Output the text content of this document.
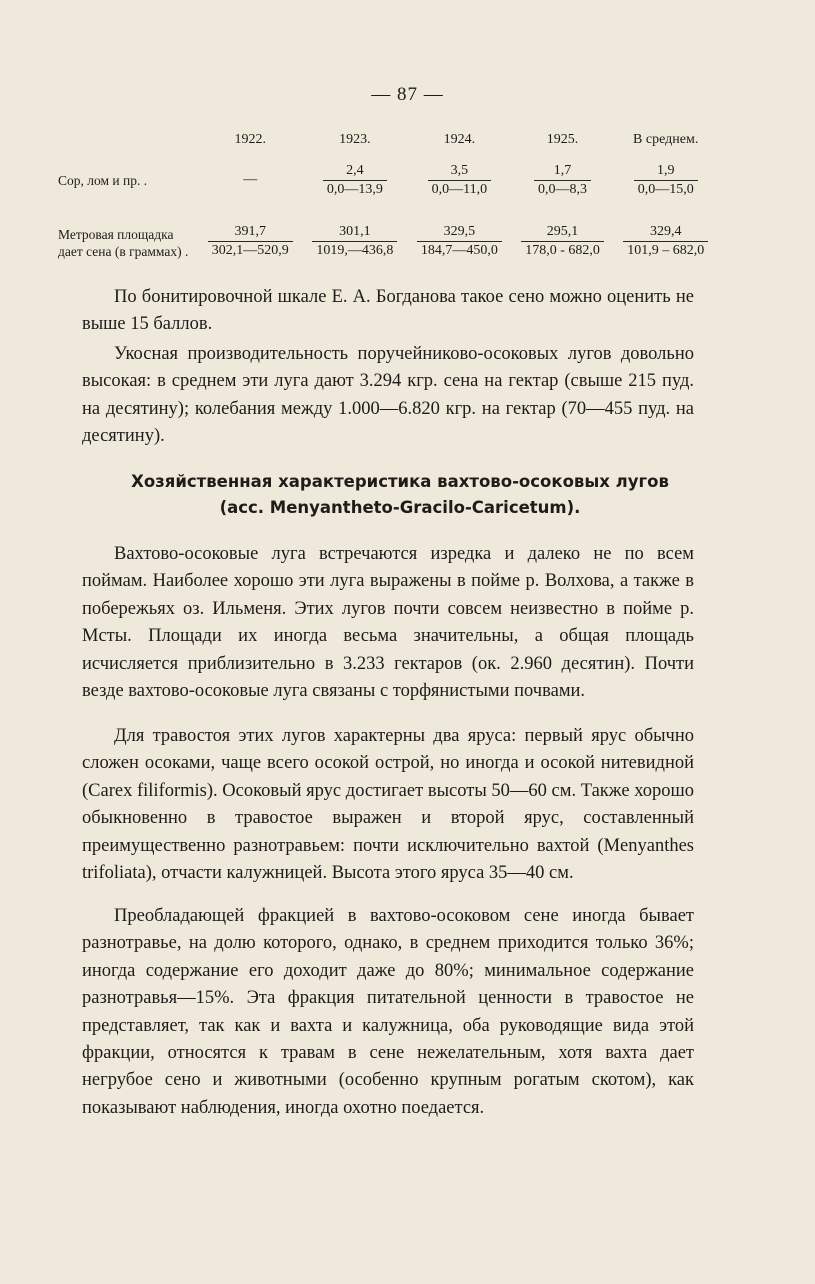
— 87 —
	1922.	1923.	1924.	1925.	В среднем.
Сор, лом и пр. .	—	$\frac{2,4}{0,0—13,9}$	$\frac{3,5}{0,0—11,0}$	$\frac{1,7}{0,0—8,3}$	$\frac{1,9}{0,0—15,0}$

Метровая площадка дает сена (в граммах) .	$\frac{391,7}{302,1—520,9}$	$\frac{301,1}{1019,—436,8}$	$\frac{329,5}{184,7—450,0}$	$\frac{295,1}{178,0 - 682,0}$	$\frac{329,4}{101,9 - 682,0}$

По бонитировочной шкале Е. А. Богданова такое сено можно оценить не выше 15 баллов.

Укосная производительность поручейниково-осоковых лугов довольно высокая: в среднем эти луга дают 3.294 кгр. сена на гектар (свыше 215 пуд. на десятину); колебания между 1.000—6.820 кгр. на гектар (70—455 пуд. на десятину).

Хозяйственная характеристика вахтово-осоковых лугов
(асс. Menyantheto-Gracilo-Caricetum).

Вахтово-осоковые луга встречаются изредка и далеко не по всем поймам. Наиболее хорошо эти луга выражены в пойме р. Волхова, а также в побережьях оз. Ильменя. Этих лугов почти совсем неизвестно в пойме р. Мсты. Площади их иногда весьма значительны, а общая площадь исчисляется приблизительно в 3.233 гектаров (ок. 2.960 десятин). Почти везде вахтово-осоковые луга связаны с торфянистыми почвами.

Для травостоя этих лугов характерны два яруса: первый ярус обычно сложен осоками, чаще всего осокой острой, но иногда и осокой нитевидной (Carex filiformis). Осоковый ярус достигает высоты 50—60 см. Также хорошо обыкновенно в травостое выражен и второй ярус, составленный преимущественно разнотравьем: почти исключительно вахтой (Menyanthes trifoliata), отчасти калужницей. Высота этого яруса 35—40 см.

Преобладающей фракцией в вахтово-осоковом сене иногда бывает разнотравье, на долю которого, однако, в среднем приходится только 36%; иногда содержание его доходит даже до 80%; минимальное содержание разнотравья—15%. Эта фракция питательной ценности в травостое не представляет, так как и вахта и калужница, оба руководящие вида этой фракции, относятся к травам в сене нежелательным, хотя вахта дает негрубое сено и животными (особенно крупным рогатым скотом), как показывают наблюдения, иногда охотно поедается.
